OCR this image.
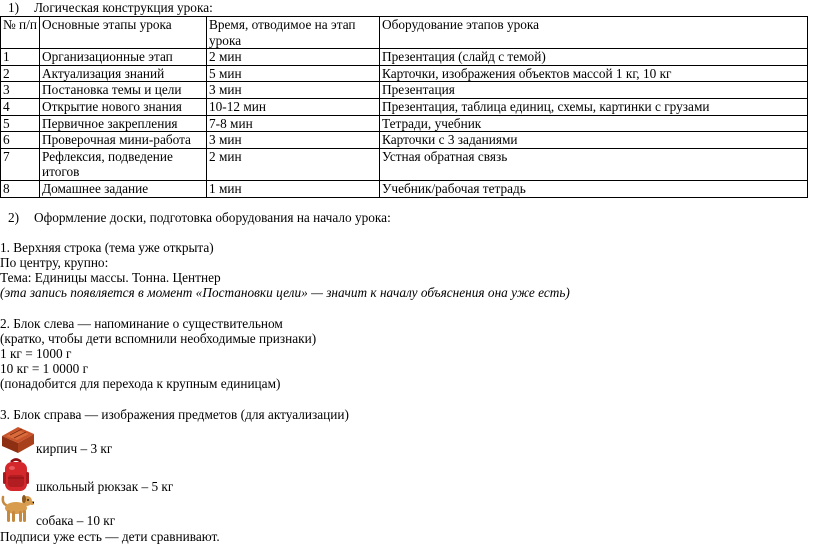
1) Логическая конструкция урока:
№ п/п	Основные этапы урока	Время, отводимое на этап урока	Оборудование этапов урока
1	Организационные этап	2 мин	Презентация (слайд с темой)
2	Актуализация знаний	5 мин	Карточки, изображения объектов массой 1 кг, 10 кг
3	Постановка темы и цели	3 мин	Презентация
4	Открытие нового знания	10-12 мин	Презентация, таблица единиц, схемы, картинки с грузами
5	Первичное закрепления	7-8 мин	Тетради, учебник
6	Проверочная мини-работа	3 мин	Карточки с 3 заданиями
7	Рефлексия, подведение итогов	2 мин	Устная обратная связь
8	Домашнее задание	1 мин	Учебник/рабочая тетрадь
2) Оформление доски, подготовка оборудования на начало урока:
1. Верхняя строка (тема уже открыта)
По центру, крупно:
Тема: Единицы массы. Тонна. Центнер
(эта запись появляется в момент «Постановки цели» — значит к началу объяснения она уже есть)
2. Блок слева — напоминание о существительном
(кратко, чтобы дети вспомнили необходимые признаки)
1 кг = 1000 г
10 кг = 1 0000 г
(понадобится для перехода к крупным единицам)
3. Блок справа — изображения предметов (для актуализации)
кирпич – 3 кг
школьный рюкзак – 5 кг
собака – 10 кг
Подписи уже есть — дети сравнивают.
